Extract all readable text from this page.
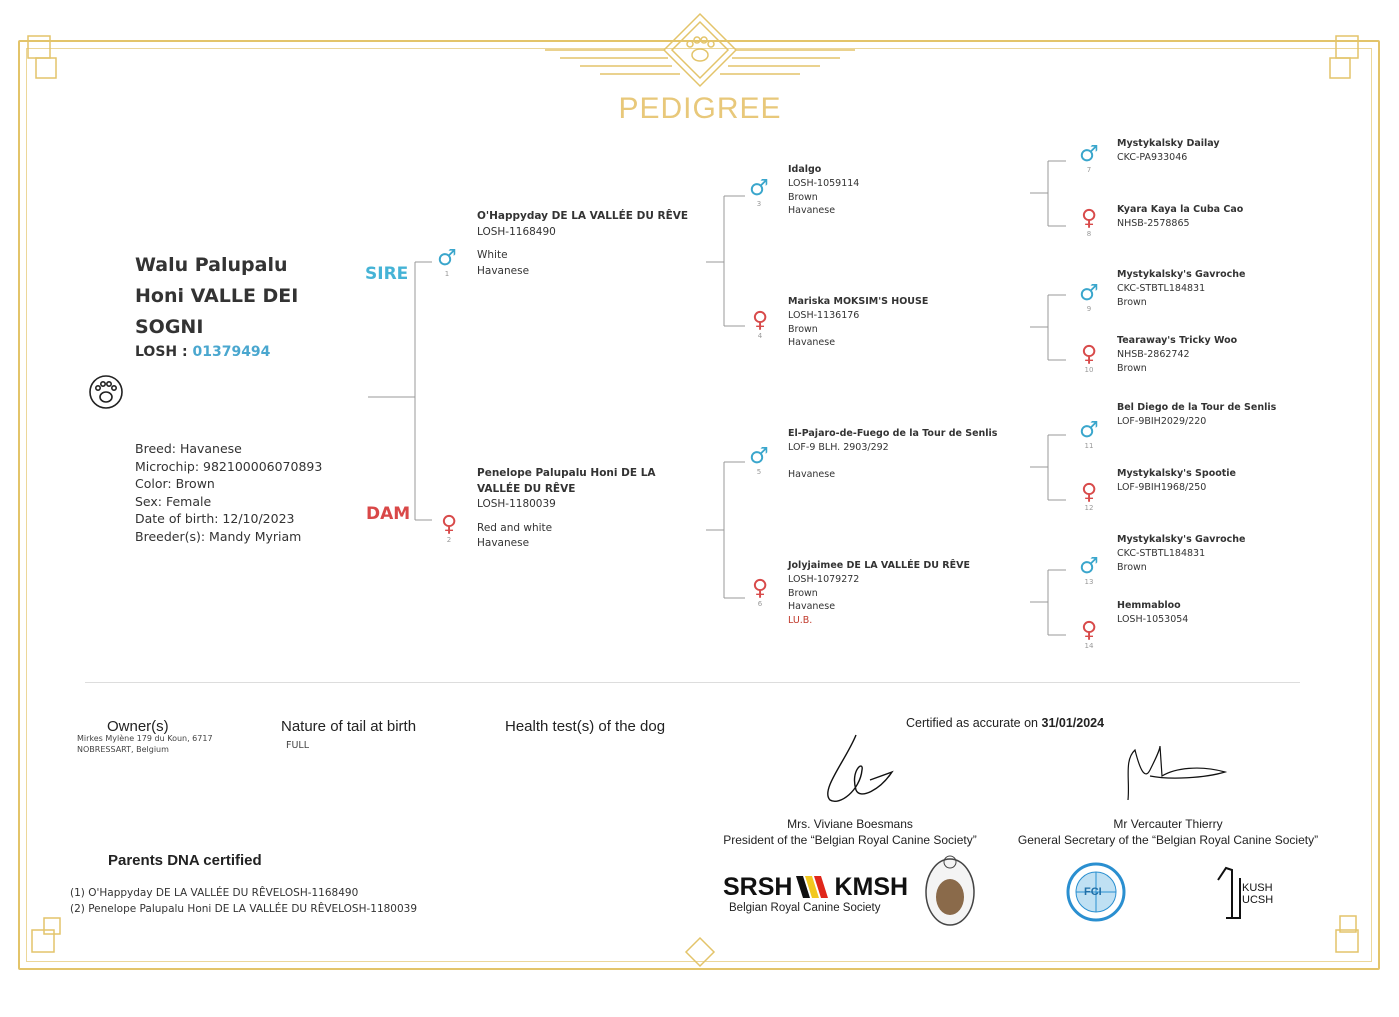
PEDIGREE
Walu Palupalu
Honi VALLE DEI
SOGNI
LOSH : 01379494
Breed: Havanese
Microchip: 982100006070893
Color: Brown
Sex: Female
Date of birth: 12/10/2023
Breeder(s): Mandy Myriam
SIRE
DAM
♂
1
O'Happyday DE LA VALLÉE DU RÊVE
LOSH-1168490
White
Havanese
♀
2
Penelope Palupalu Honi DE LA VALLÉE DU RÊVE
LOSH-1180039
Red and white
Havanese
♂
3
Idalgo
LOSH-1059114
Brown
Havanese
♀
4
Mariska MOKSIM'S HOUSE
LOSH-1136176
Brown
Havanese
♂
5
El-Pajaro-de-Fuego de la Tour de Senlis
LOF-9 BLH. 2903/292
Havanese
♀
6
Jolyjaimee DE LA VALLÉE DU RÊVE
LOSH-1079272
Brown
Havanese
LU.B.
♂
7
Mystykalsky Dailay
CKC-PA933046
♀
8
Kyara Kaya la Cuba Cao
NHSB-2578865
♂
9
Mystykalsky's Gavroche
CKC-STBTL184831
Brown
♀
10
Tearaway's Tricky Woo
NHSB-2862742
Brown
♂
11
Bel Diego de la Tour de Senlis
LOF-9BIH2029/220
♀
12
Mystykalsky's Spootie
LOF-9BIH1968/250
♂
13
Mystykalsky's Gavroche
CKC-STBTL184831
Brown
♀
14
Hemmabloo
LOSH-1053054
Owner(s)
Mirkes Mylène 179 du Koun, 6717
NOBRESSART, Belgium
Nature of tail at birth
FULL
Health test(s) of the dog	Certified as accurate on 31/01/2024
Mrs. Viviane Boesmans
President of the “Belgian Royal Canine Society”
Mr Vercauter Thierry
General Secretary of the “Belgian Royal Canine Society”
Parents DNA certified
(1) O'Happyday DE LA VALLÉE DU RÊVELOSH-1168490
(2) Penelope Palupalu Honi DE LA VALLÉE DU RÊVELOSH-1180039
SRSH KMSH
Belgian Royal Canine Society
FCI	KUSH
UCSH
